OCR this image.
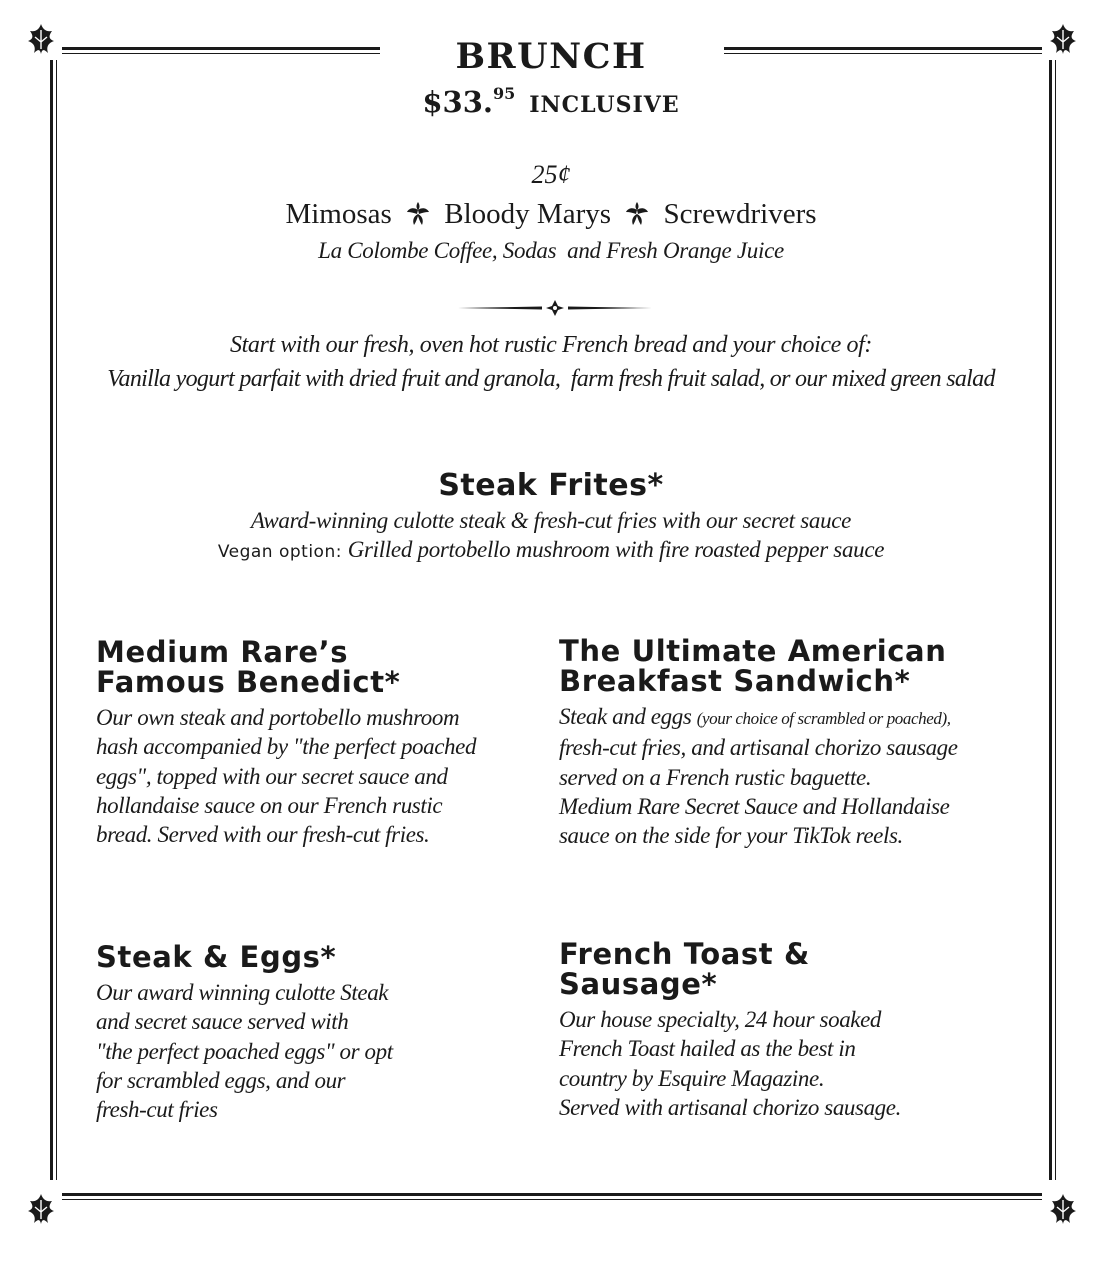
BRUNCH
$33.95 INCLUSIVE
25¢
Mimosas Bloody Marys Screwdrivers
La Colombe Coffee, Sodas  and Fresh Orange Juice
Start with our fresh, oven hot rustic French bread and your choice of:
Vanilla yogurt parfait with dried fruit and granola,  farm fresh fruit salad, or our mixed green salad
Steak Frites*
Award-winning culotte steak & fresh-cut fries with our secret sauce
Vegan option: Grilled portobello mushroom with fire roasted pepper sauce

Medium Rare’s
Famous Benedict*

Our own steak and portobello mushroom
hash accompanied by "the perfect poached
eggs", topped with our secret sauce and
hollandaise sauce on our French rustic
bread. Served with our fresh-cut fries.

The Ultimate American
Breakfast Sandwich*

Steak and eggs (your choice of scrambled or poached),

fresh-cut fries, and artisanal chorizo sausage
served on a French rustic baguette.
Medium Rare Secret Sauce and Hollandaise
sauce on the side for your TikTok reels.

Steak & Eggs*

Our award winning culotte Steak
and secret sauce served with
"the perfect poached eggs" or opt
for scrambled eggs, and our
fresh-cut fries

French Toast &
Sausage*

Our house specialty, 24 hour soaked
French Toast hailed as the best in
country by Esquire Magazine.
Served with artisanal chorizo sausage.
